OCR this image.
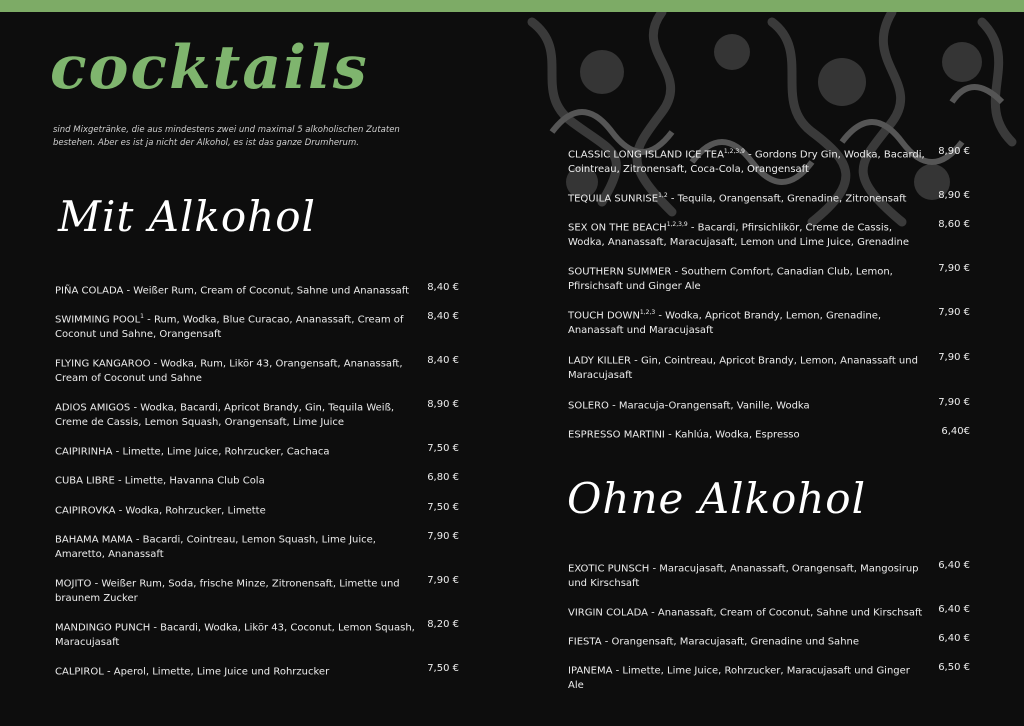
cocktails
sind Mixgetränke, die aus mindestens zwei und maximal 5 alkoholischen Zutaten bestehen. Aber es ist ja nicht der Alkohol, es ist das ganze Drumherum.
Mit Alkohol
Ohne Alkohol
PIÑA COLADA - Weißer Rum, Cream of Coconut, Sahne und Ananassaft	8,40 €
SWIMMING POOL$^1$ - Rum, Wodka, Blue Curacao, Ananassaft, Cream of Coconut und Sahne, Orangensaft
8,40 €
FLYING KANGAROO - Wodka, Rum, Likör 43, Orangensaft, Ananassaft, Cream of Coconut und Sahne
8,40 €
ADIOS AMIGOS - Wodka, Bacardi, Apricot Brandy, Gin, Tequila Weiß, Creme de Cassis, Lemon Squash, Orangensaft, Lime Juice
8,90 €
CAIPIRINHA - Limette, Lime Juice, Rohrzucker, Cachaca	7,50 €
CUBA LIBRE - Limette, Havanna Club Cola	6,80 €
CAIPIROVKA - Wodka, Rohrzucker, Limette	7,50 €
BAHAMA MAMA - Bacardi, Cointreau, Lemon Squash, Lime Juice, Amaretto, Ananassaft
7,90 €
MOJITO - Weißer Rum, Soda, frische Minze, Zitronensaft, Limette und braunem Zucker
7,90 €
MANDINGO PUNCH - Bacardi, Wodka, Likör 43, Coconut, Lemon Squash, Maracujasaft
8,20 €
CALPIROL - Aperol, Limette, Lime Juice und Rohrzucker	7,50 €
CLASSIC LONG ISLAND ICE TEA$^{1,2,3,9}$ - Gordons Dry Gin, Wodka, Bacardi, Cointreau, Zitronensaft, Coca-Cola, Orangensaft
8,90 €
TEQUILA SUNRISE$^{1,2}$ - Tequila, Orangensaft, Grenadine, Zitronensaft	8,90 €
SEX ON THE BEACH$^{1,2,3,9}$ - Bacardi, Pfirsichlikör, Creme de Cassis, Wodka, Ananassaft, Maracujasaft, Lemon und Lime Juice, Grenadine
8,60 €
SOUTHERN SUMMER - Southern Comfort, Canadian Club, Lemon, Pfirsichsaft und Ginger Ale
7,90 €
TOUCH DOWN$^{1,2,3}$ - Wodka, Apricot Brandy, Lemon, Grenadine, Ananassaft und Maracujasaft
7,90 €
LADY KILLER - Gin, Cointreau, Apricot Brandy, Lemon, Ananassaft und Maracujasaft
7,90 €
SOLERO - Maracuja-Orangensaft, Vanille, Wodka	7,90 €
ESPRESSO MARTINI - Kahlúa, Wodka, Espresso	6,40€
EXOTIC PUNSCH - Maracujasaft, Ananassaft, Orangensaft, Mangosirup und Kirschsaft
6,40 €
VIRGIN COLADA - Ananassaft, Cream of Coconut, Sahne und Kirschsaft	6,40 €
FIESTA - Orangensaft, Maracujasaft, Grenadine und Sahne	6,40 €
IPANEMA - Limette, Lime Juice, Rohrzucker, Maracujasaft und Ginger Ale
6,50 €
